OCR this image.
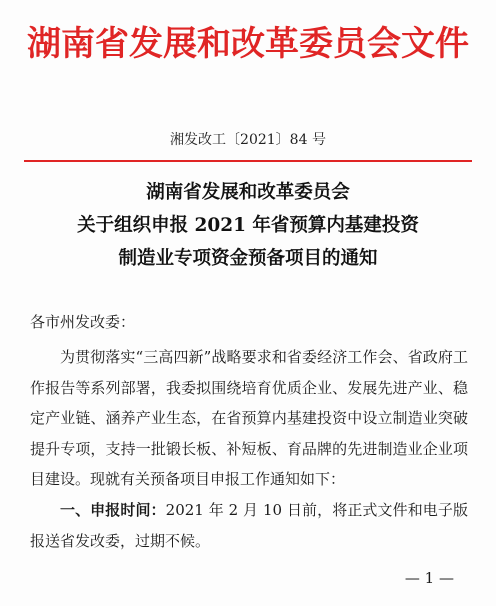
湖南省发展和改革委员会文件
湘发改工〔2021〕84 号
湖南省发展和改革委员会
关于组织申报 2021 年省预算内基建投资
制造业专项资金预备项目的通知
各市州发改委：

为贯彻落实“三高四新”战略要求和省委经济工作会、省政府工作报告等系列部署，我委拟围绕培育优质企业、发展先进产业、稳定产业链、涵养产业生态，在省预算内基建投资中设立制造业突破提升专项，支持一批锻长板、补短板、育品牌的先进制造业企业项目建设。现就有关预备项目申报工作通知如下：

一、申报时间：2021 年 2 月 10 日前，将正式文件和电子版报送省发改委，过期不候。

— 1 —
